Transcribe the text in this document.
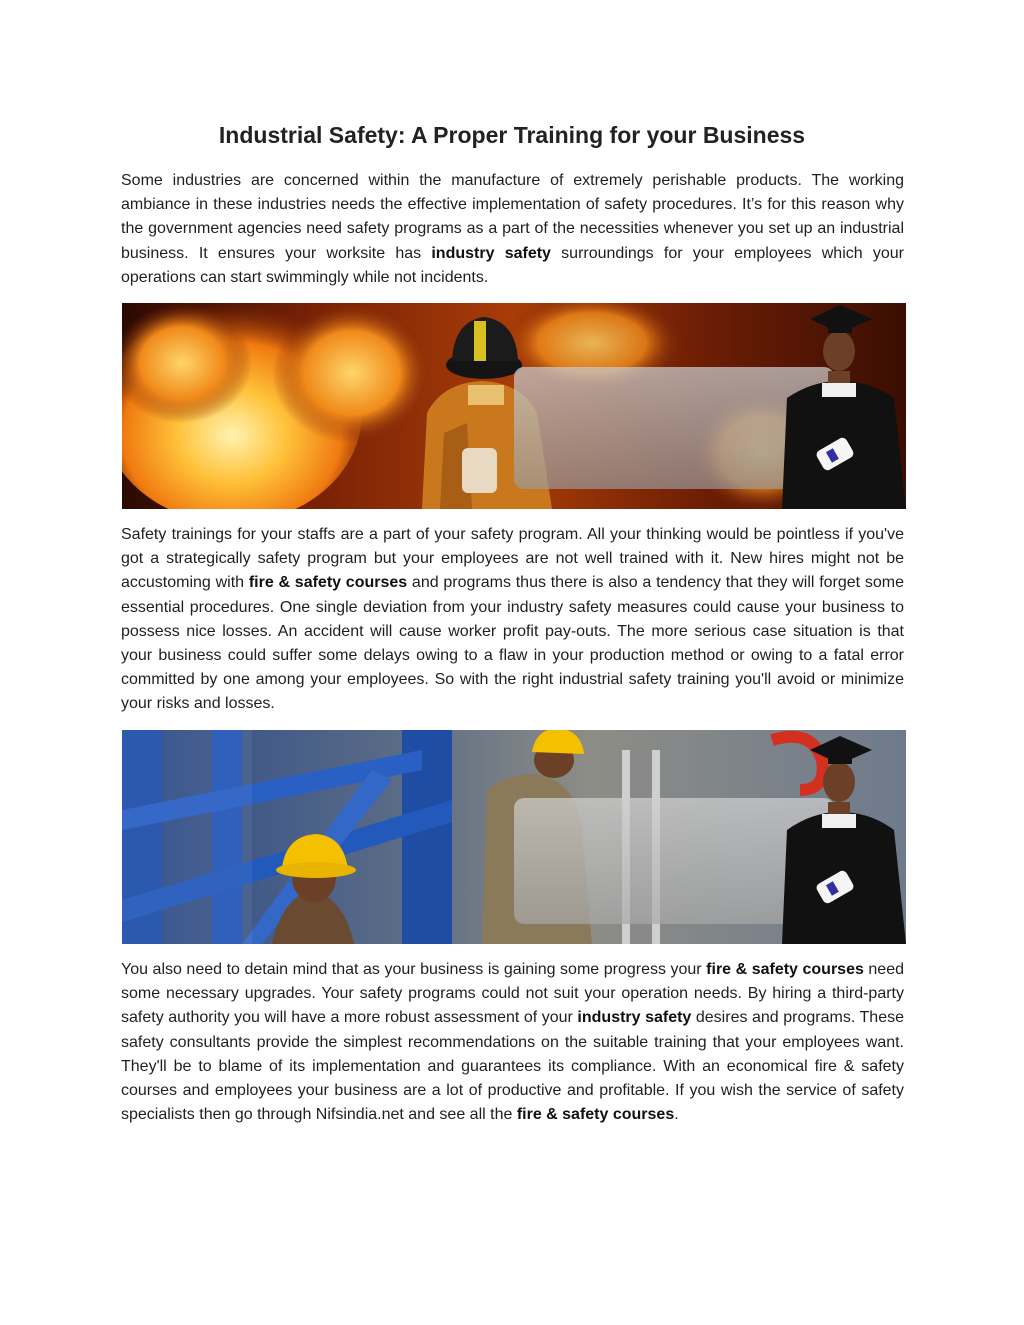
Industrial Safety: A Proper Training for your Business

Some industries are concerned within the manufacture of extremely perishable products. The working ambiance in these industries needs the effective implementation of safety procedures. It’s for this reason why the government agencies need safety programs as a part of the necessities whenever you set up an industrial business. It ensures your worksite has industry safety surroundings for your employees which your operations can start swimmingly while not incidents.

Safety trainings for your staffs are a part of your safety program. All your thinking would be pointless if you've got a strategically safety program but your employees are not well trained with it. New hires might not be accustoming with fire & safety courses and programs thus there is also a tendency that they will forget some essential procedures. One single deviation from your industry safety measures could cause your business to possess nice losses. An accident will cause worker profit pay-outs. The more serious case situation is that your business could suffer some delays owing to a flaw in your production method or owing to a fatal error committed by one among your employees. So with the right industrial safety training you'll avoid or minimize your risks and losses.

You also need to detain mind that as your business is gaining some progress your fire & safety courses need some necessary upgrades. Your safety programs could not suit your operation needs. By hiring a third-party safety authority you will have a more robust assessment of your industry safety desires and programs. These safety consultants provide the simplest recommendations on the suitable training that your employees want. They'll be to blame of its implementation and guarantees its compliance. With an economical fire & safety courses and employees your business are a lot of productive and profitable. If you wish the service of safety specialists then go through Nifsindia.net and see all the fire & safety courses.
